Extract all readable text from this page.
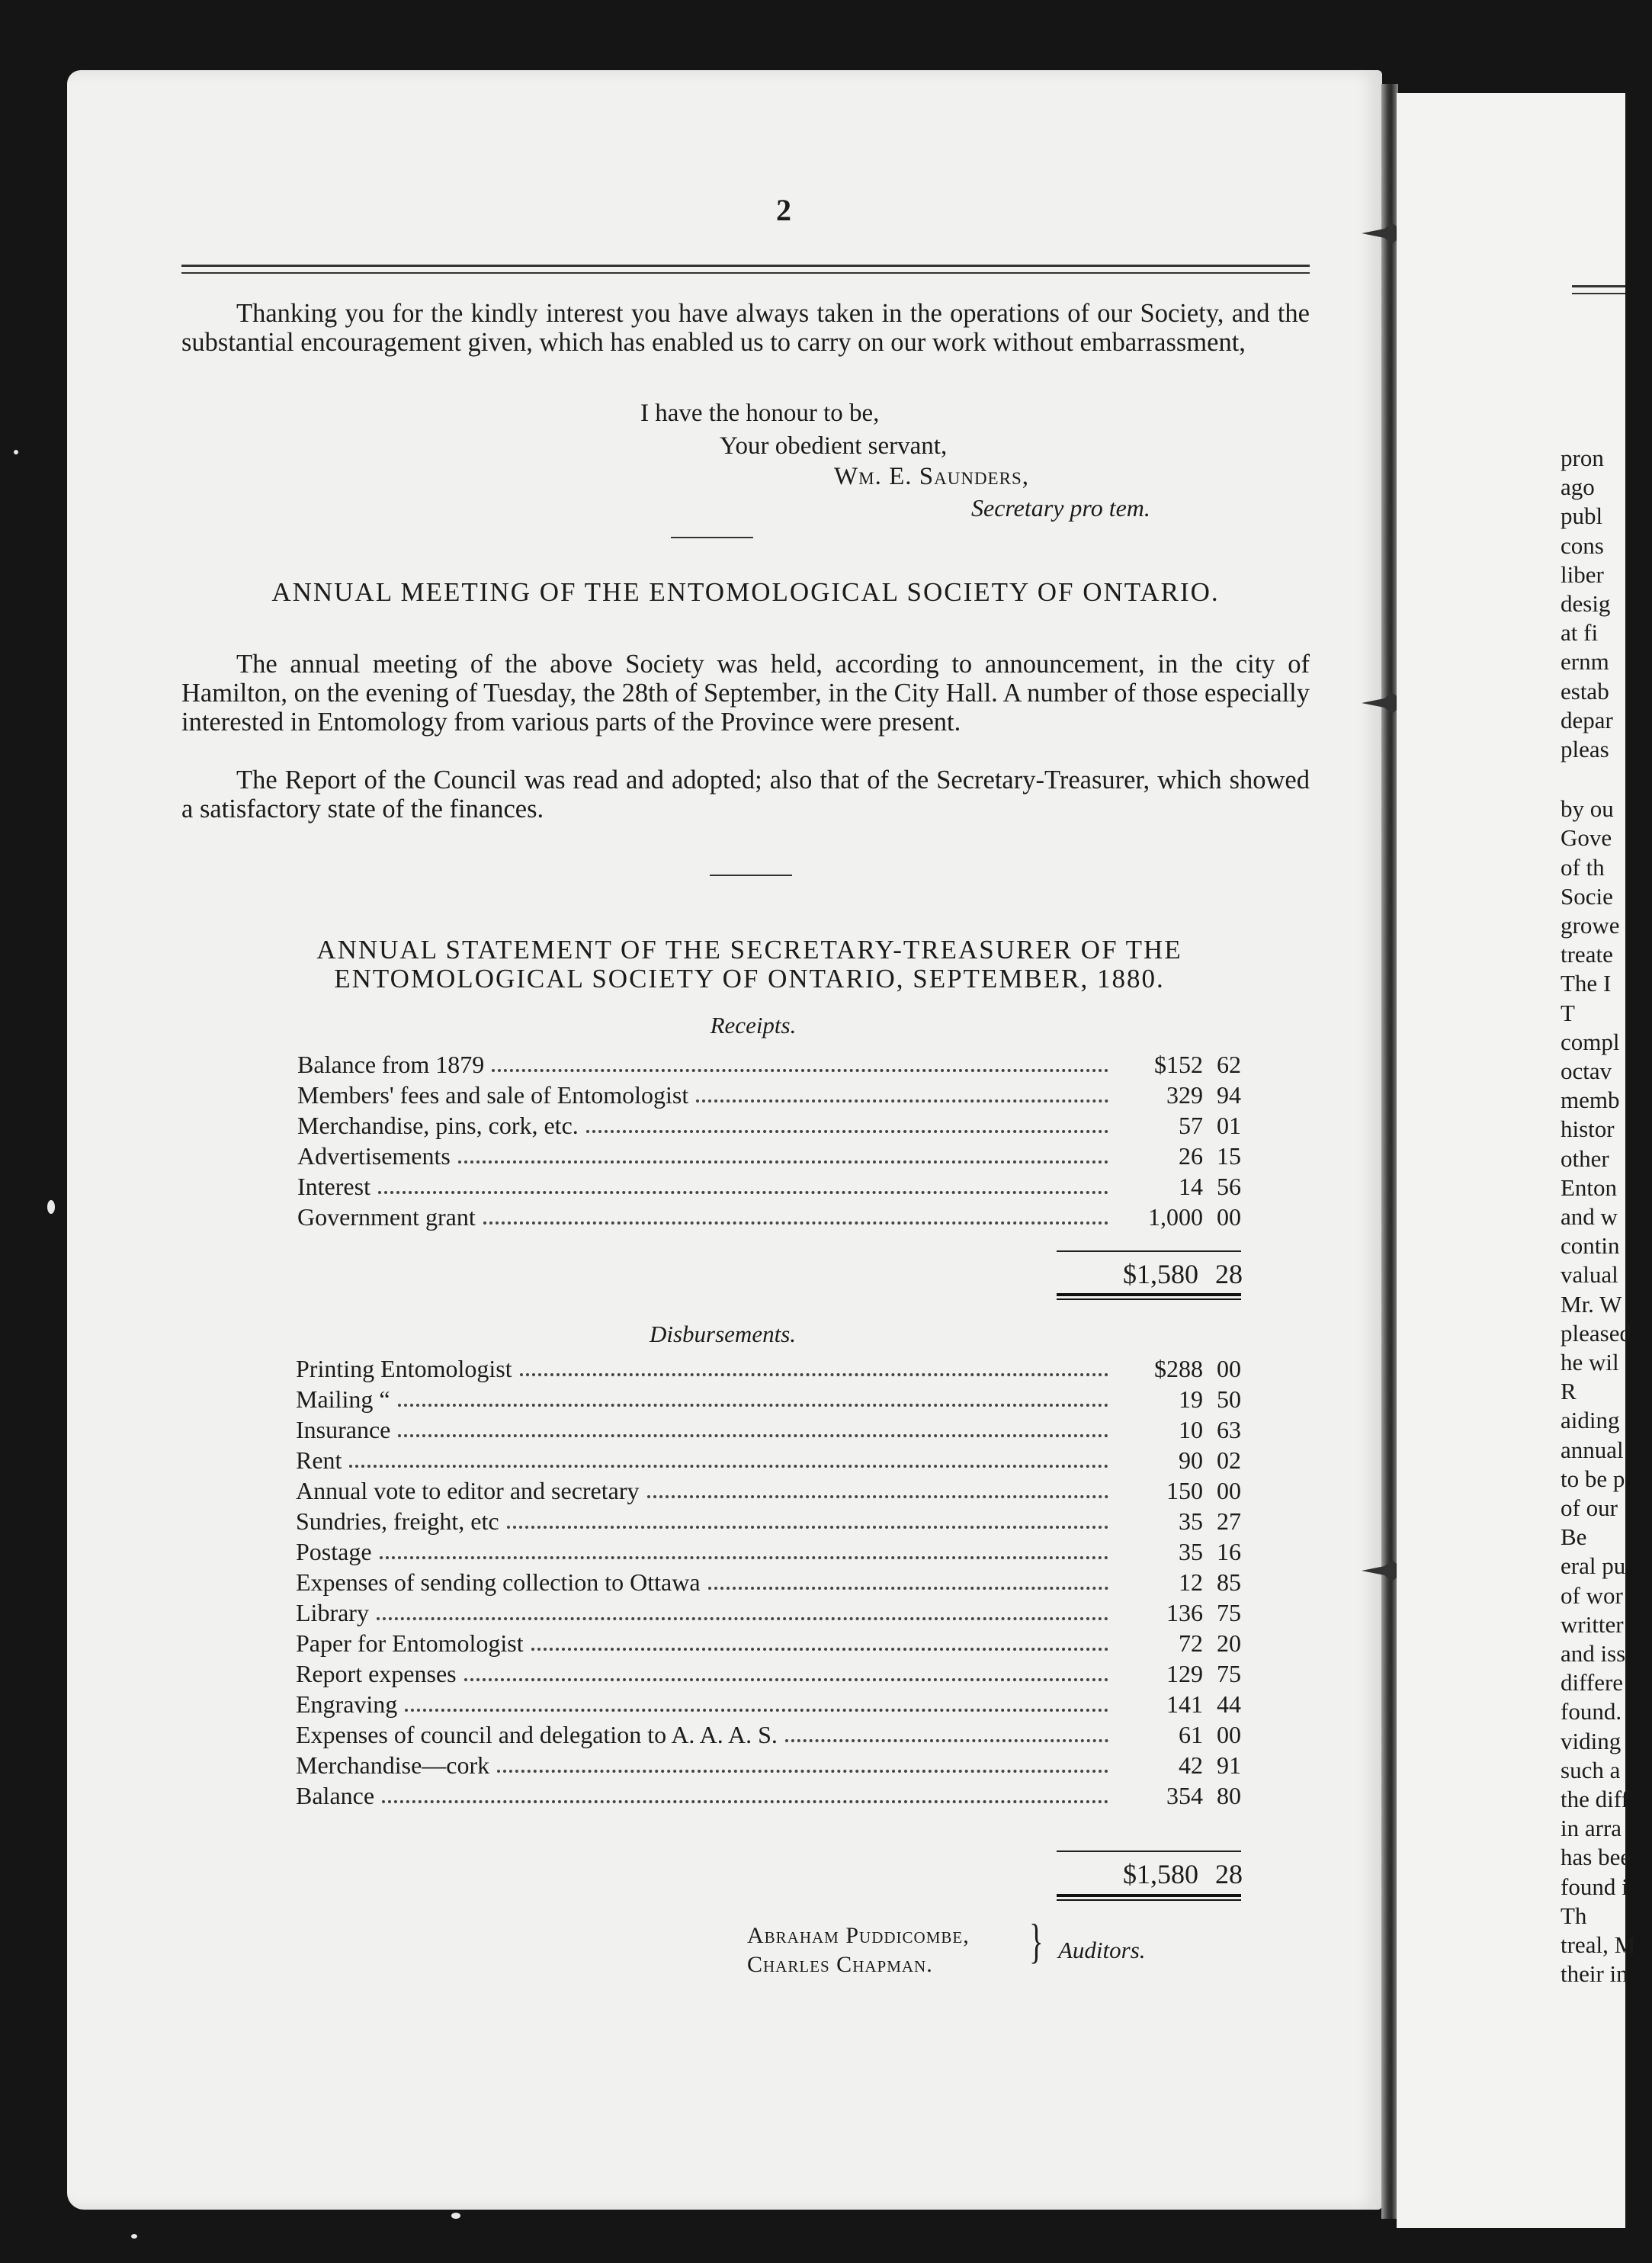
2
Thanking you for the kindly interest you have always taken in the operations of our Society, and the substantial encouragement given, which has enabled us to carry on our work without embarrassment,
I have the honour to be,
Your obedient servant,
Wm. E. Saunders,
Secretary pro tem.
ANNUAL MEETING OF THE ENTOMOLOGICAL SOCIETY OF ONTARIO.
The annual meeting of the above Society was held, according to announcement, in the city of Hamilton, on the evening of Tuesday, the 28th of September, in the City Hall. A number of those especially interested in Entomology from various parts of the Province were present.
The Report of the Council was read and adopted; also that of the Secretary-Treasurer, which showed a satisfactory state of the finances.
ANNUAL STATEMENT OF THE SECRETARY-TREASURER OF THE
ENTOMOLOGICAL SOCIETY OF ONTARIO, SEPTEMBER, 1880.
Receipts.
Balance from 1879	$152 62
Members' fees and sale of Entomologist	329 94
Merchandise, pins, cork, etc.	57 01
Advertisements	26 15
Interest	14 56
Government grant	1,000 00
$1,580 28
Disbursements.
Printing Entomologist	$288 00
Mailing “	19 50
Insurance	10 63
Rent	90 02
Annual vote to editor and secretary	150 00
Sundries, freight, etc	35 27
Postage	35 16
Expenses of sending collection to Ottawa	12 85
Library	136 75
Paper for Entomologist	72 20
Report expenses	129 75
Engraving	141 44
Expenses of council and delegation to A. A. A. S.	61 00
Merchandise—cork	42 91
Balance	354 80
$1,580 28
Abraham Puddicombe,
Charles Chapman. } Auditors.
pron
ago
publ
cons
liber
desig
at fi
ernm
estab
depar
pleas
by ou
Gove
of th
Socie
growe
treate
The I
T
compl
octav
memb
histor
other
Enton
and w
contin
valual
Mr. W
pleased
he wil
R
aiding
annual
to be p
of our
Be
eral pu
of wor
writter
and iss
differe
found.
viding
such a
the diff
in arra
has bee
found i
Th
treal, M
their in
